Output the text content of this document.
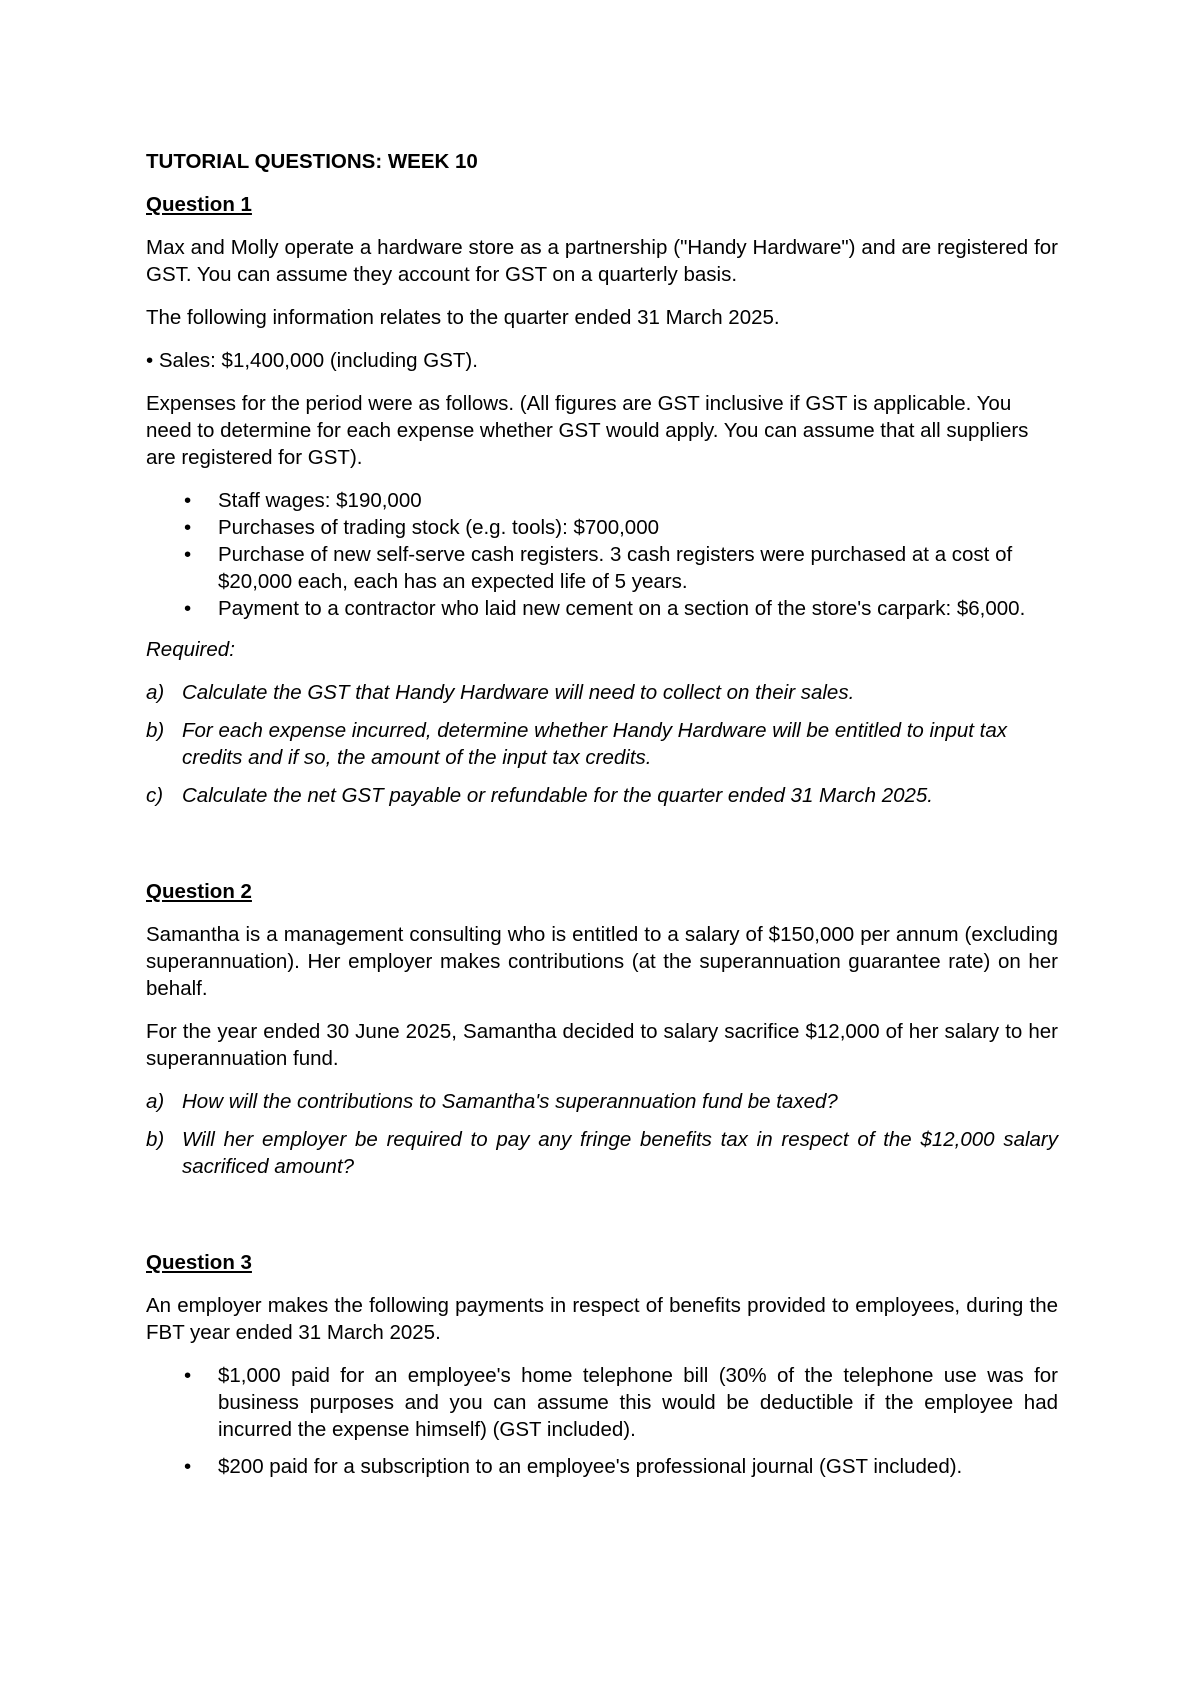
TUTORIAL QUESTIONS: WEEK 10

Question 1

Max and Molly operate a hardware store as a partnership ("Handy Hardware") and are registered for GST. You can assume they account for GST on a quarterly basis.

The following information relates to the quarter ended 31 March 2025.

• Sales: $1,400,000 (including GST).

Expenses for the period were as follows. (All figures are GST inclusive if GST is applicable. You need to determine for each expense whether GST would apply. You can assume that all suppliers are registered for GST).

• Staff wages: $190,000
• Purchases of trading stock (e.g. tools): $700,000
• Purchase of new self-serve cash registers. 3 cash registers were purchased at a cost of $20,000 each, each has an expected life of 5 years.
• Payment to a contractor who laid new cement on a section of the store's carpark: $6,000.

Required:

a) Calculate the GST that Handy Hardware will need to collect on their sales.
b) For each expense incurred, determine whether Handy Hardware will be entitled to input tax credits and if so, the amount of the input tax credits.
c) Calculate the net GST payable or refundable for the quarter ended 31 March 2025.

Question 2

Samantha is a management consulting who is entitled to a salary of $150,000 per annum (excluding superannuation). Her employer makes contributions (at the superannuation guarantee rate) on her behalf.

For the year ended 30 June 2025, Samantha decided to salary sacrifice $12,000 of her salary to her superannuation fund.

a) How will the contributions to Samantha's superannuation fund be taxed?
b) Will her employer be required to pay any fringe benefits tax in respect of the $12,000 salary sacrificed amount?

Question 3

An employer makes the following payments in respect of benefits provided to employees, during the FBT year ended 31 March 2025.

• $1,000 paid for an employee's home telephone bill (30% of the telephone use was for business purposes and you can assume this would be deductible if the employee had incurred the expense himself) (GST included).
• $200 paid for a subscription to an employee's professional journal (GST included).
